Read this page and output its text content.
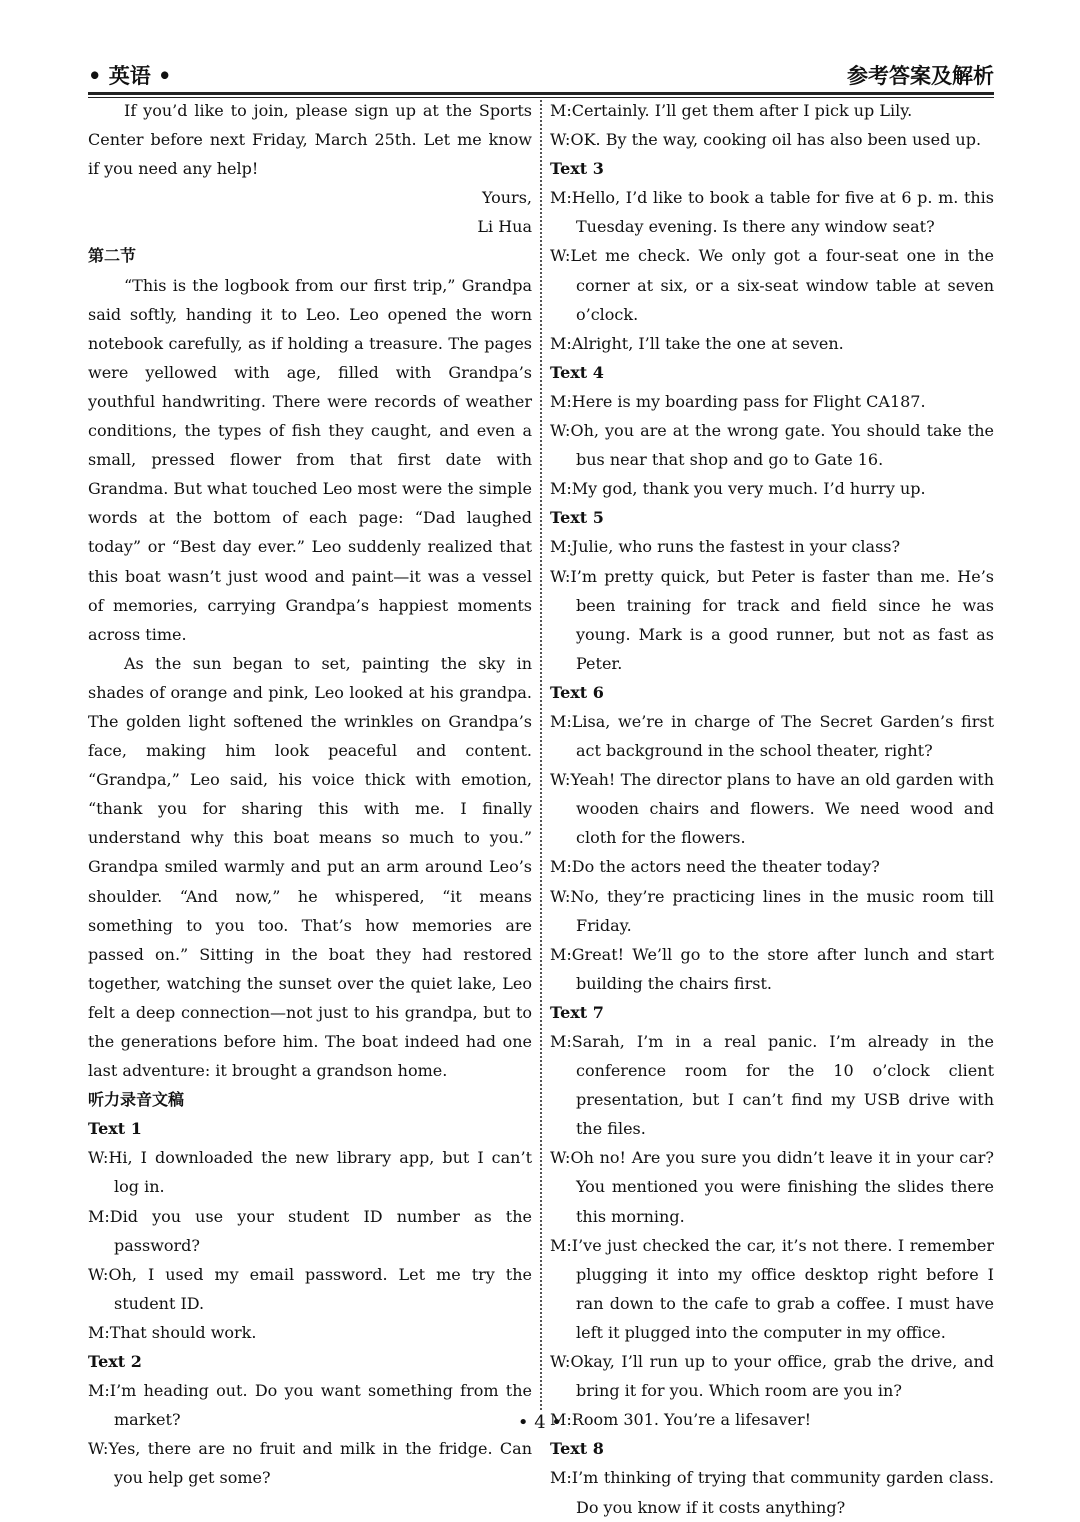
• 英语 •	参考答案及解析

If you’d like to join, please sign up at the Sports Center before next Friday, March 25th. Let me know if you need any help!

Yours,

Li Hua

第二节

“This is the logbook from our first trip,” Grandpa said softly, handing it to Leo. Leo opened the worn notebook carefully, as if holding a treasure. The pages were yellowed with age, filled with Grandpa’s youthful handwriting. There were records of weather conditions, the types of fish they caught, and even a small, pressed flower from that first date with Grandma. But what touched Leo most were the simple words at the bottom of each page: “Dad laughed today” or “Best day ever.” Leo suddenly realized that this boat wasn’t just wood and paint—it was a vessel of memories, carrying Grandpa’s happiest moments across time.

As the sun began to set, painting the sky in shades of orange and pink, Leo looked at his grandpa. The golden light softened the wrinkles on Grandpa’s face, making him look peaceful and content. “Grandpa,” Leo said, his voice thick with emotion, “thank you for sharing this with me. I finally understand why this boat means so much to you.” Grandpa smiled warmly and put an arm around Leo’s shoulder. “And now,” he whispered, “it means something to you too. That’s how memories are passed on.” Sitting in the boat they had restored together, watching the sunset over the quiet lake, Leo felt a deep connection—not just to his grandpa, but to the generations before him. The boat indeed had one last adventure: it brought a grandson home.

听力录音文稿

Text 1

W:Hi, I downloaded the new library app, but I can’t log in.

M:Did you use your student ID number as the password?

W:Oh, I used my email password. Let me try the student ID.

M:That should work.

Text 2

M:I’m heading out. Do you want something from the market?

W:Yes, there are no fruit and milk in the fridge. Can you help get some?

M:Certainly. I’ll get them after I pick up Lily.

W:OK. By the way, cooking oil has also been used up.

Text 3

M:Hello, I’d like to book a table for five at 6 p. m. this Tuesday evening. Is there any window seat?

W:Let me check. We only got a four-seat one in the corner at six, or a six-seat window table at seven o’clock.

M:Alright, I’ll take the one at seven.

Text 4

M:Here is my boarding pass for Flight CA187.

W:Oh, you are at the wrong gate. You should take the bus near that shop and go to Gate 16.

M:My god, thank you very much. I’d hurry up.

Text 5

M:Julie, who runs the fastest in your class?

W:I’m pretty quick, but Peter is faster than me. He’s been training for track and field since he was young. Mark is a good runner, but not as fast as Peter.

Text 6

M:Lisa, we’re in charge of The Secret Garden’s first act background in the school theater, right?

W:Yeah! The director plans to have an old garden with wooden chairs and flowers. We need wood and cloth for the flowers.

M:Do the actors need the theater today?

W:No, they’re practicing lines in the music room till Friday.

M:Great! We’ll go to the store after lunch and start building the chairs first.

Text 7

M:Sarah, I’m in a real panic. I’m already in the conference room for the 10 o’clock client presentation, but I can’t find my USB drive with the files.

W:Oh no! Are you sure you didn’t leave it in your car? You mentioned you were finishing the slides there this morning.

M:I’ve just checked the car, it’s not there. I remember plugging it into my office desktop right before I ran down to the cafe to grab a coffee. I must have left it plugged into the computer in my office.

W:Okay, I’ll run up to your office, grab the drive, and bring it for you. Which room are you in?

M:Room 301. You’re a lifesaver!

Text 8

M:I’m thinking of trying that community garden class. Do you know if it costs anything?

• 4 •
